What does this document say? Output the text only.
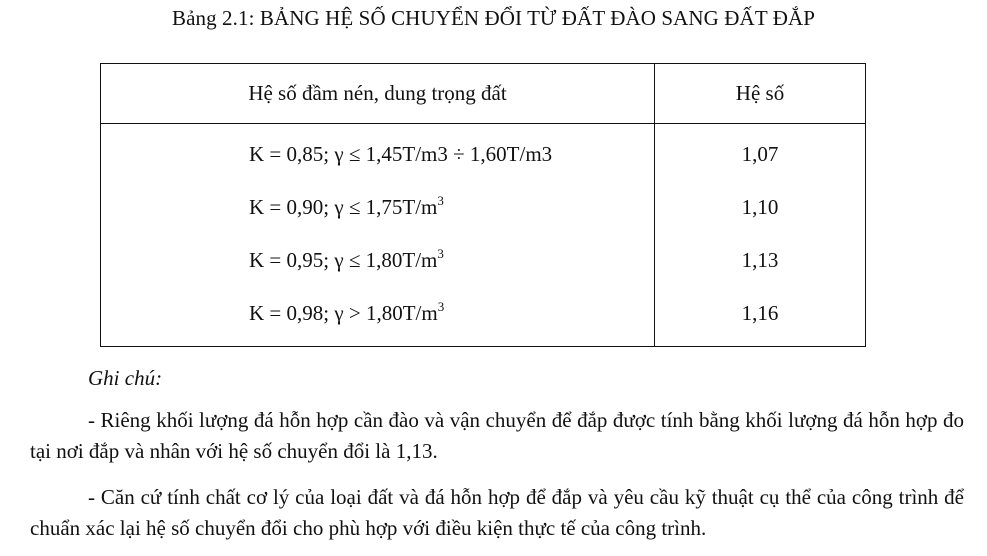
Bảng 2.1: BẢNG HỆ SỐ CHUYỂN ĐỔI TỪ ĐẤT ĐÀO SANG ĐẤT ĐẮP
Hệ số đầm nén, dung trọng đất	Hệ số
K = 0,85; γ ≤ 1,45T/m3 ÷ 1,60T/m3	1,07
K = 0,90; $\gamma \le 1,75T/m^3$	1,10
K = 0,95; $\gamma \le 1,80T/m^3$	1,13
K = 0,98; $\gamma > 1,80T/m^3$	1,16
Ghi chú:
- Riêng khối lượng đá hỗn hợp cần đào và vận chuyển để đắp được tính bằng khối lượng đá hỗn hợp đo tại nơi đắp và nhân với hệ số chuyển đổi là 1,13.
- Căn cứ tính chất cơ lý của loại đất và đá hỗn hợp để đắp và yêu cầu kỹ thuật cụ thể của công trình để chuẩn xác lại hệ số chuyển đổi cho phù hợp với điều kiện thực tế của công trình.
